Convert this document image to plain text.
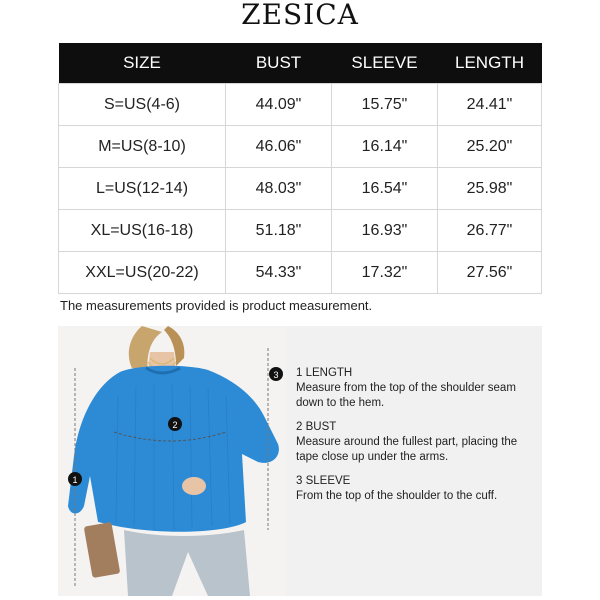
ZESICA
SIZE	BUST	SLEEVE	LENGTH
S=US(4-6)	44.09"	15.75"	24.41"
M=US(8-10)	46.06"	16.14"	25.20"
L=US(12-14)	48.03"	16.54"	25.98"
XL=US(16-18)	51.18"	16.93"	26.77"
XXL=US(20-22)	54.33"	17.32"	27.56"
The measurements provided is product measurement.
1
2
3 1 LENGTH
Measure from the top of the shoulder seam down to the hem.
2 BUST
Measure around the fullest part, placing the tape close up under the arms.
3 SLEEVE
From the top of the shoulder to the cuff.
